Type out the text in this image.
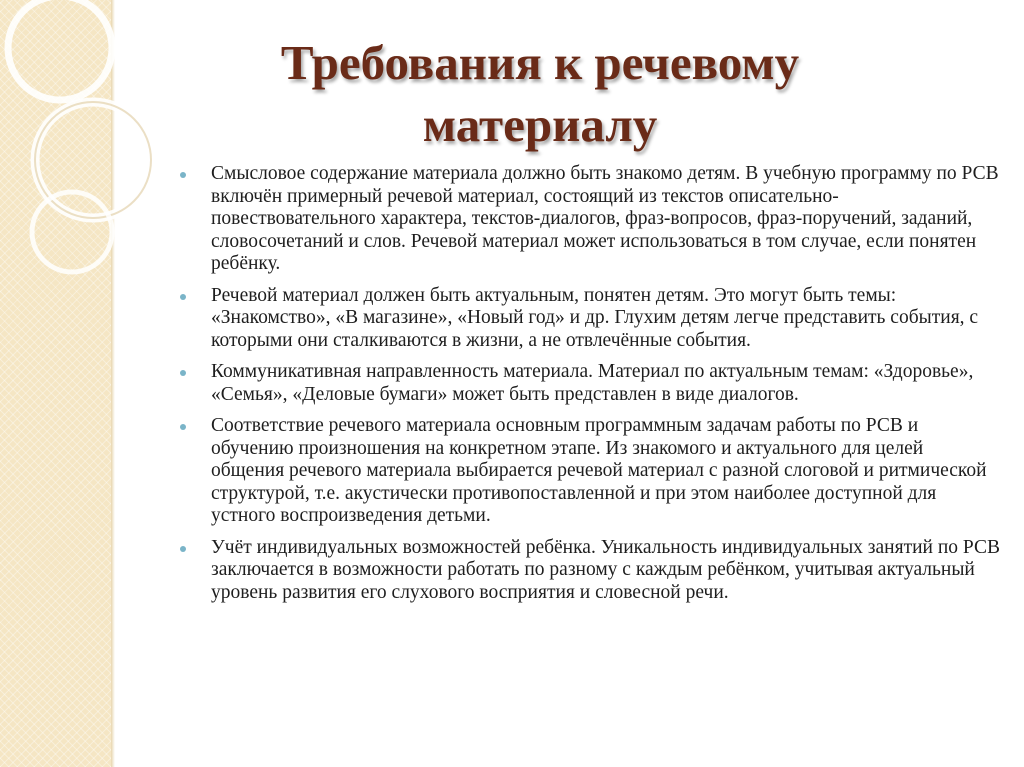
Требования к речевому материалу
Смысловое содержание материала должно быть знакомо детям. В учебную программу по РСВ включён примерный речевой материал, состоящий из текстов описательно-повествовательного характера, текстов-диалогов, фраз-вопросов, фраз-поручений, заданий, словосочетаний и слов. Речевой материал может использоваться в том случае, если понятен ребёнку.
Речевой материал должен быть актуальным, понятен детям. Это могут быть темы: «Знакомство», «В магазине», «Новый год» и др. Глухим детям легче представить события, с которыми они сталкиваются в жизни, а не отвлечённые события.
Коммуникативная направленность материала. Материал по актуальным темам: «Здоровье», «Семья», «Деловые бумаги» может быть представлен в виде диалогов.
Соответствие речевого материала основным программным задачам работы по РСВ и обучению произношения на конкретном этапе. Из знакомого и актуального для целей общения речевого материала выбирается речевой материал с разной слоговой и ритмической структурой, т.е. акустически противопоставленной и при этом наиболее доступной для устного воспроизведения детьми.
Учёт индивидуальных возможностей ребёнка. Уникальность индивидуальных занятий по РСВ заключается в возможности работать по разному с каждым ребёнком, учитывая актуальный уровень развития его слухового восприятия и словесной речи.
